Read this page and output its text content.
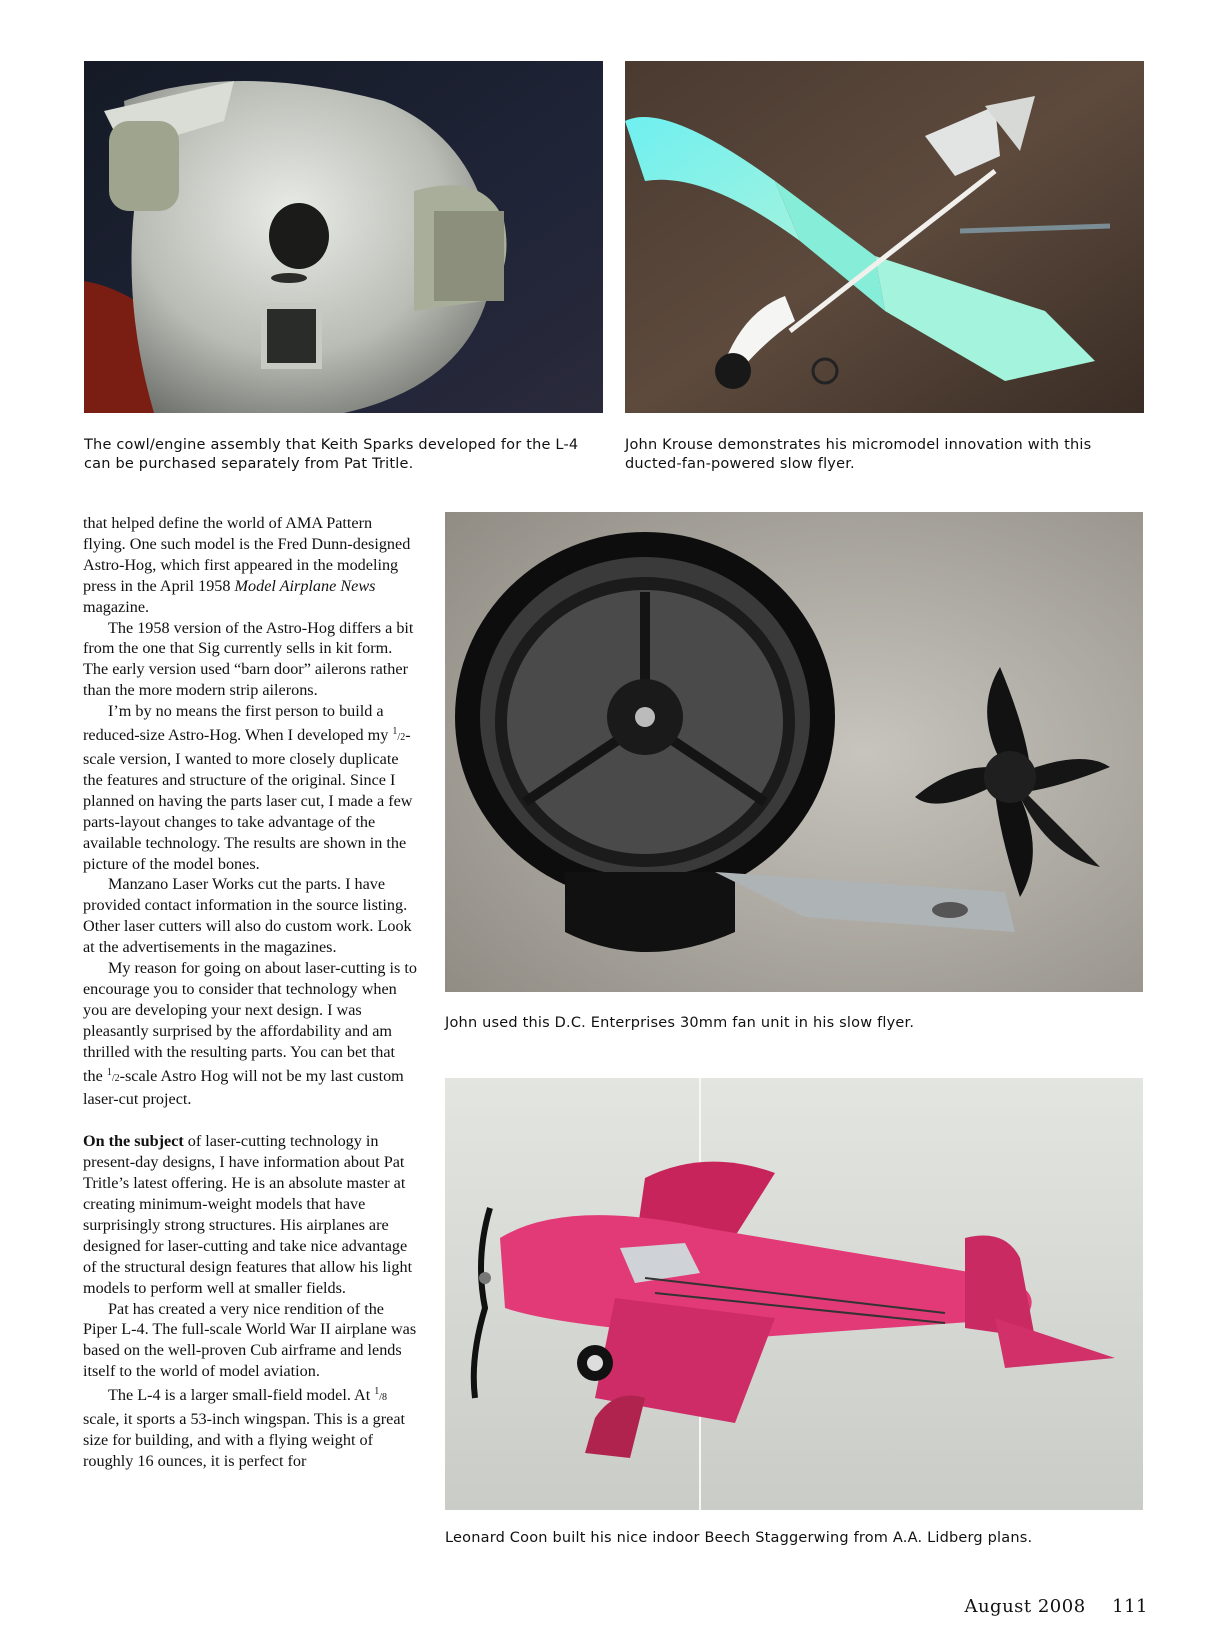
The cowl/engine assembly that Keith Sparks developed for the L-4 can be purchased separately from Pat Tritle.
John Krouse demonstrates his micromodel innovation with this ducted-fan-powered slow flyer.
John used this D.C. Enterprises 30mm fan unit in his slow flyer.
Leonard Coon built his nice indoor Beech Staggerwing from A.A. Lidberg plans.

that helped define the world of AMA Pattern flying. One such model is the Fred Dunn-designed Astro-Hog, which first appeared in the modeling press in the April 1958 Model Airplane News magazine.

The 1958 version of the Astro-Hog differs a bit from the one that Sig currently sells in kit form. The early version used “barn door” ailerons rather than the more modern strip ailerons.

I’m by no means the first person to build a reduced-size Astro-Hog. When I developed my $^1$/2-scale version, I wanted to more closely duplicate the features and structure of the original. Since I planned on having the parts laser cut, I made a few parts-layout changes to take advantage of the available technology. The results are shown in the picture of the model bones.

Manzano Laser Works cut the parts. I have provided contact information in the source listing. Other laser cutters will also do custom work. Look at the advertisements in the magazines.

My reason for going on about laser-cutting is to encourage you to consider that technology when you are developing your next design. I was pleasantly surprised by the affordability and am thrilled with the resulting parts. You can bet that the $^1$/2-scale Astro Hog will not be my last custom laser-cut project.

On the subject of laser-cutting technology in present-day designs, I have information about Pat Tritle’s latest offering. He is an absolute master at creating minimum-weight models that have surprisingly strong structures. His airplanes are designed for laser-cutting and take nice advantage of the structural design features that allow his light models to perform well at smaller fields.

Pat has created a very nice rendition of the Piper L-4. The full-scale World War II airplane was based on the well-proven Cub airframe and lends itself to the world of model aviation.

The L-4 is a larger small-field model. At $^1$/8 scale, it sports a 53-inch wingspan. This is a great size for building, and with a flying weight of roughly 16 ounces, it is perfect for

August 2008 111
